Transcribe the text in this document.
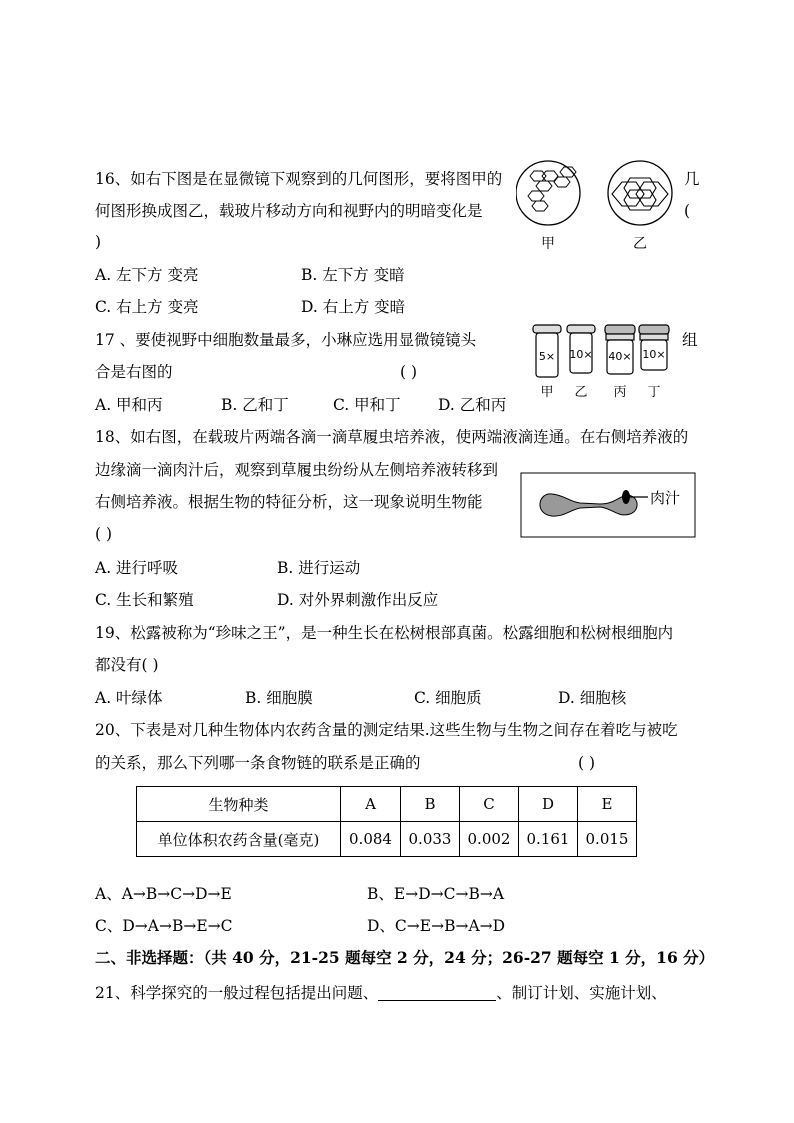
16、如右下图是在显微镜下观察到的几何图形，要将图甲的	几
何图形换成图乙，载玻片移动方向和视野内的明暗变化是	(
)	甲	乙
A. 左下方 变亮	B. 左下方 变暗
C. 右上方 变亮	D. 右上方 变暗
17 、要使视野中细胞数量最多，小琳应选用显微镜镜头	组
合是右图的	( )
5× 10× 40× 10×
甲 乙 丙 丁
A. 甲和丙	B. 乙和丁	C. 甲和丁 D. 乙和丙
18、如右图，在载玻片两端各滴一滴草履虫培养液，使两端液滴连通。在右侧培养液的
边缘滴一滴肉汁后，观察到草履虫纷纷从左侧培养液转移到
右侧培养液。根据生物的特征分析，这一现象说明生物能
( )
肉汁
A. 进行呼吸	B. 进行运动
C. 生长和繁殖	D. 对外界刺激作出反应
19、松露被称为“珍味之王”，是一种生长在松树根部真菌。松露细胞和松树根细胞内
都没有( )
A. 叶绿体	B. 细胞膜	C. 细胞质	D. 细胞核
20、下表是对几种生物体内农药含量的测定结果.这些生物与生物之间存在着吃与被吃
的关系，那么下列哪一条食物链的联系是正确的	( )
生物种类	A	B	C	D	E
单位体积农药含量(毫克)	0.084	0.033	0.002	0.161	0.015
A、A→B→C→D→E	B、E→D→C→B→A
C、D→A→B→E→C	D、C→E→B→A→D
二、非选择题：（共 40 分，21-25 题每空 2 分，24 分；26-27 题每空 1 分，16 分）
21、科学探究的一般过程包括提出问题、	、制订计划、实施计划、
